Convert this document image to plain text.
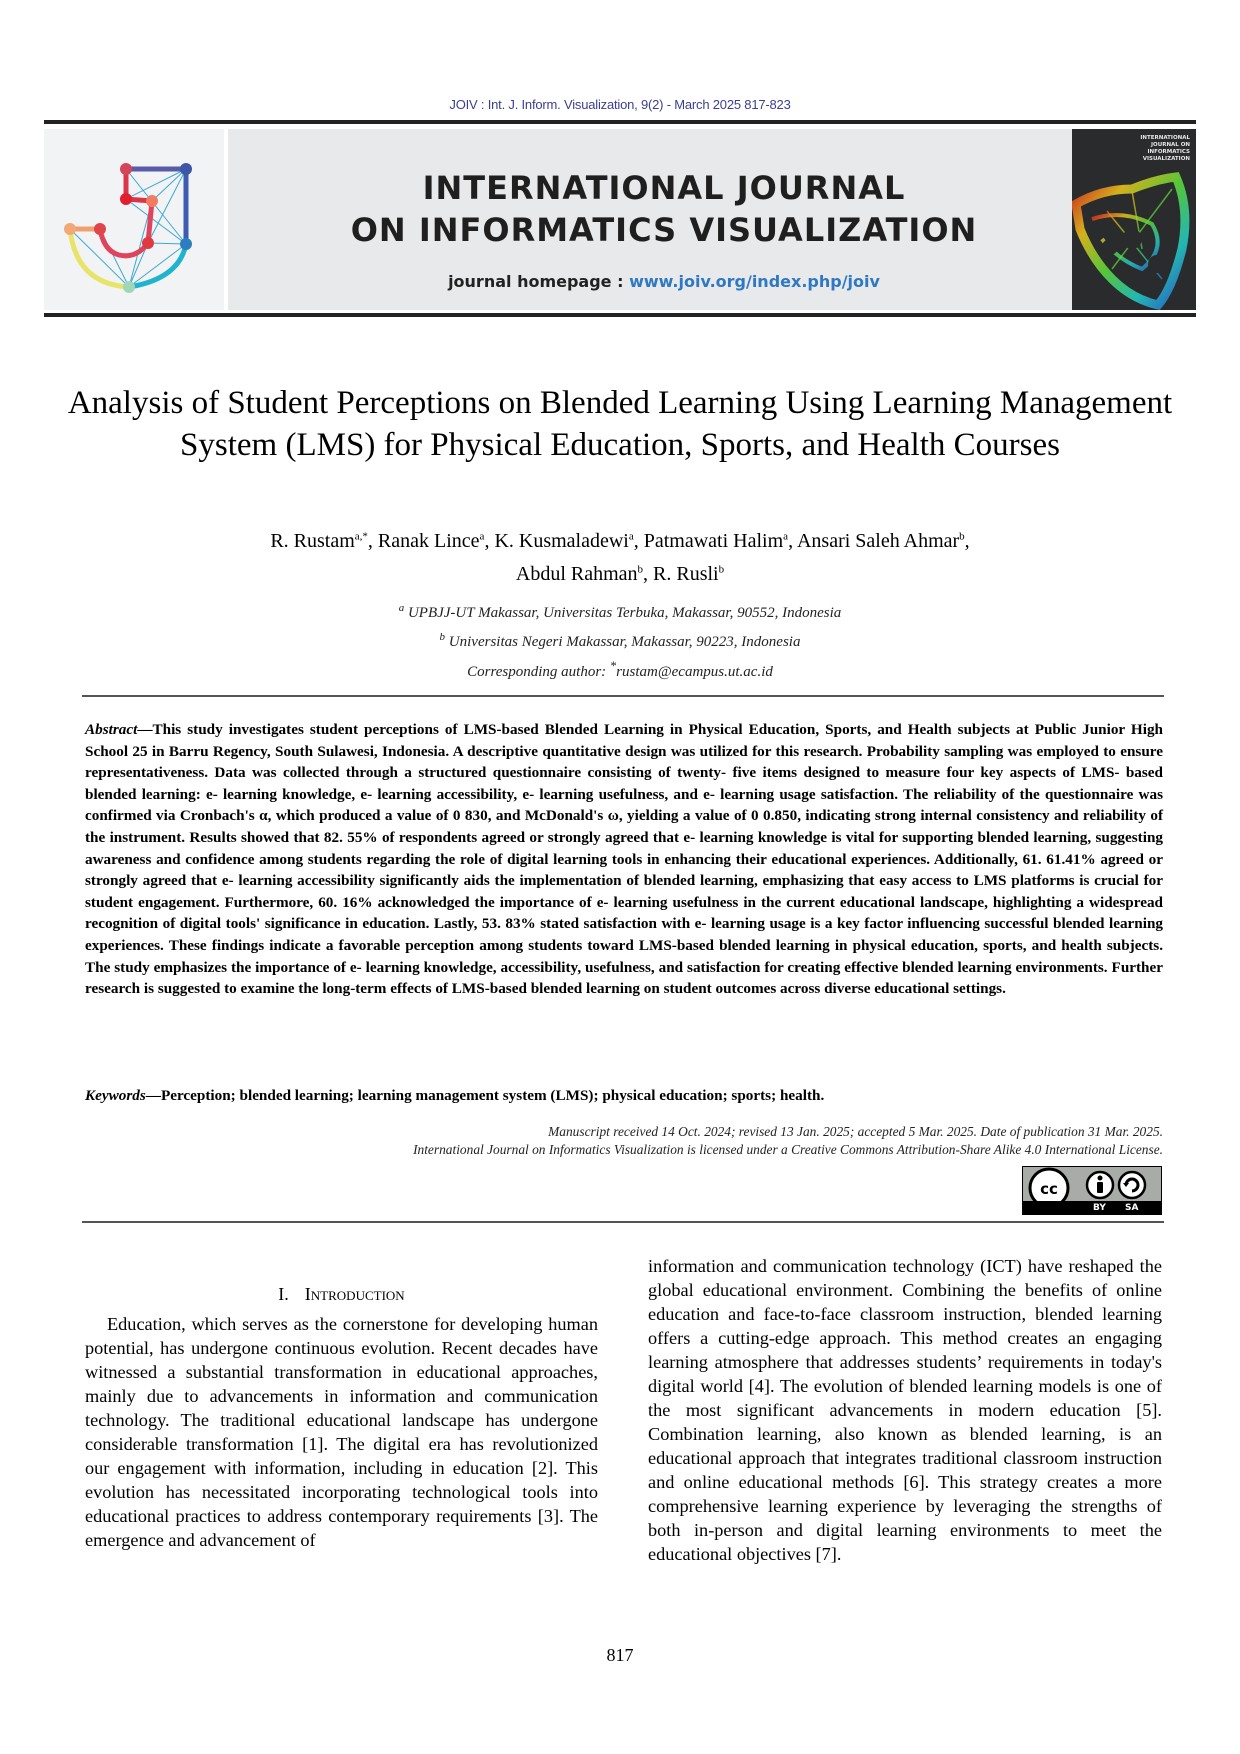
JOIV : Int. J. Inform. Visualization, 9(2) - March 2025 817-823
INTERNATIONAL JOURNAL
ON INFORMATICS VISUALIZATION
journal homepage : www.joiv.org/index.php/joiv
INTERNATIONAL JOURNAL ON INFORMATICS VISUALIZATION
Analysis of Student Perceptions on Blended Learning Using Learning Management System (LMS) for Physical Education, Sports, and Health Courses
R. Rustam$^{a,*}$, Ranak Lince$^a$, K. Kusmaladewi$^a$, Patmawati Halim$^a$, Ansari Saleh Ahmar$^b$,
Abdul Rahman$^b$, R. Rusli$^b$
$^a$ UPBJJ-UT Makassar, Universitas Terbuka, Makassar, 90552, Indonesia
$^b$ Universitas Negeri Makassar, Makassar, 90223, Indonesia
Corresponding author: *rustam@ecampus.ut.ac.id
Abstract—This study investigates student perceptions of LMS-based Blended Learning in Physical Education, Sports, and Health subjects at Public Junior High School 25 in Barru Regency, South Sulawesi, Indonesia. A descriptive quantitative design was utilized for this research. Probability sampling was employed to ensure representativeness. Data was collected through a structured questionnaire consisting of twenty- five items designed to measure four key aspects of LMS- based blended learning: e- learning knowledge, e- learning accessibility, e- learning usefulness, and e- learning usage satisfaction. The reliability of the questionnaire was confirmed via Cronbach's α, which produced a value of 0 830, and McDonald's ω, yielding a value of 0 0.850, indicating strong internal consistency and reliability of the instrument. Results showed that 82. 55% of respondents agreed or strongly agreed that e- learning knowledge is vital for supporting blended learning, suggesting awareness and confidence among students regarding the role of digital learning tools in enhancing their educational experiences. Additionally, 61. 61.41% agreed or strongly agreed that e- learning accessibility significantly aids the implementation of blended learning, emphasizing that easy access to LMS platforms is crucial for student engagement. Furthermore, 60. 16% acknowledged the importance of e- learning usefulness in the current educational landscape, highlighting a widespread recognition of digital tools' significance in education. Lastly, 53. 83% stated satisfaction with e- learning usage is a key factor influencing successful blended learning experiences. These findings indicate a favorable perception among students toward LMS-based blended learning in physical education, sports, and health subjects. The study emphasizes the importance of e- learning knowledge, accessibility, usefulness, and satisfaction for creating effective blended learning environments. Further research is suggested to examine the long-term effects of LMS-based blended learning on student outcomes across diverse educational settings.
Keywords—Perception; blended learning; learning management system (LMS); physical education; sports; health.
Manuscript received 14 Oct. 2024; revised 13 Jan. 2025; accepted 5 Mar. 2025. Date of publication 31 Mar. 2025.
International Journal on Informatics Visualization is licensed under a Creative Commons Attribution-Share Alike 4.0 International License.
cc
BY SA
I. Introduction

Education, which serves as the cornerstone for developing human potential, has undergone continuous evolution. Recent decades have witnessed a substantial transformation in educational approaches, mainly due to advancements in information and communication technology. The traditional educational landscape has undergone considerable transformation [1]. The digital era has revolutionized our engagement with information, including in education [2]. This evolution has necessitated incorporating technological tools into educational practices to address contemporary requirements [3]. The emergence and advancement of

information and communication technology (ICT) have reshaped the global educational environment. Combining the benefits of online education and face-to-face classroom instruction, blended learning offers a cutting-edge approach. This method creates an engaging learning atmosphere that addresses students’ requirements in today's digital world [4]. The evolution of blended learning models is one of the most significant advancements in modern education [5]. Combination learning, also known as blended learning, is an educational approach that integrates traditional classroom instruction and online educational methods [6]. This strategy creates a more comprehensive learning experience by leveraging the strengths of both in-person and digital learning environments to meet the educational objectives [7].

817
